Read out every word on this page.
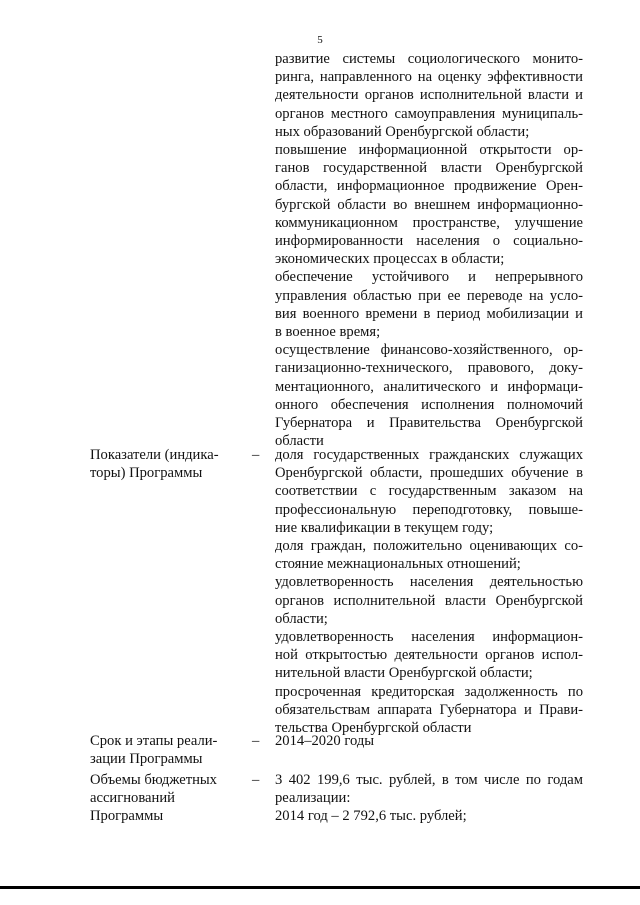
5
развитие системы социологического монито-
ринга, направленного на оценку эффективности
деятельности органов исполнительной власти и
органов местного самоуправления муниципаль-
ных образований Оренбургской области;
повышение информационной открытости ор-
ганов государственной власти Оренбургской
области, информационное продвижение Орен-
бургской области во внешнем информационно-
коммуникационном пространстве, улучшение
информированности населения о социально-
экономических процессах в области;
обеспечение устойчивого и непрерывного
управления областью при ее переводе на усло-
вия военного времени в период мобилизации и
в военное время;
осуществление финансово-хозяйственного, ор-
ганизационно-технического, правового, доку-
ментационного, аналитического и информаци-
онного обеспечения исполнения полномочий
Губернатора и Правительства Оренбургской
области
Показатели (индика-
торы) Программы
– доля государственных гражданских служащих
Оренбургской области, прошедших обучение в
соответствии с государственным заказом на
профессиональную переподготовку, повыше-
ние квалификации в текущем году;
доля граждан, положительно оценивающих со-
стояние межнациональных отношений;
удовлетворенность населения деятельностью
органов исполнительной власти Оренбургской
области;
удовлетворенность населения информацион-
ной открытостью деятельности органов испол-
нительной власти Оренбургской области;
просроченная кредиторская задолженность по
обязательствам аппарата Губернатора и Прави-
тельства Оренбургской области
Срок и этапы реали-
зации Программы
– 2014–2020 годы
Объемы бюджетных
ассигнований
Программы
– 3 402 199,6 тыс. рублей, в том числе по годам
реализации:
2014 год – 2 792,6 тыс. рублей;
